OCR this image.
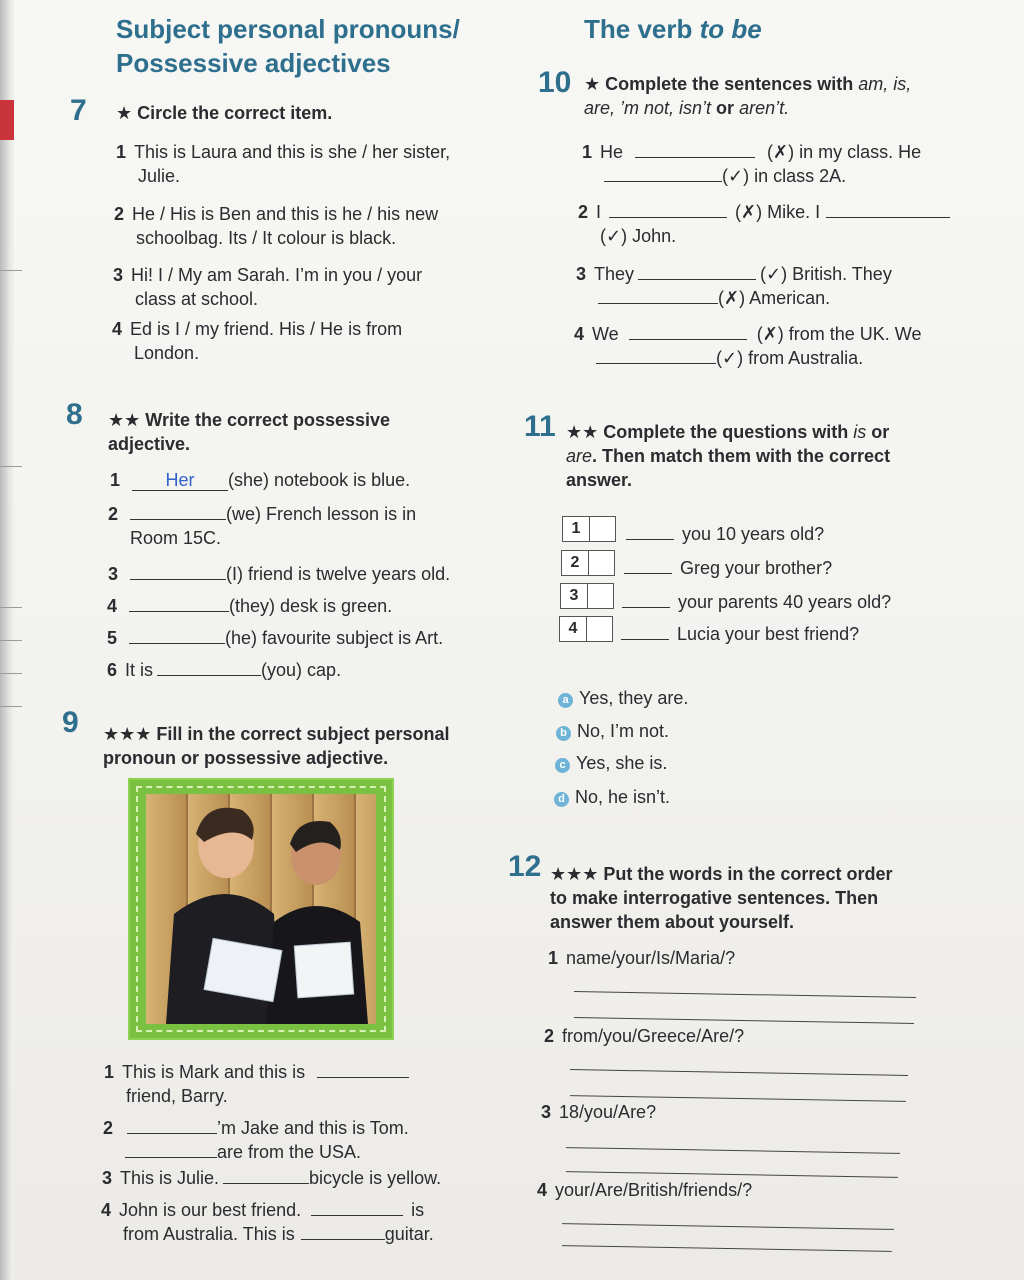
Subject personal pronouns/
Possessive adjectives
The verb to be
7 ★ Circle the correct item.
1 This is Laura and this is she / her sister,
Julie.
2 He / His is Ben and this is he / his new
schoolbag. Its / It colour is black.
3 Hi! I / My am Sarah. I’m in you / your
class at school.
4 Ed is I / my friend. His / He is from
London.
8 ★★ Write the correct possessive
adjective.
1	Her (she) notebook is blue.
2	(we) French lesson is in
Room 15C.
3	(I) friend is twelve years old.
4	(they) desk is green.
5	(he) favourite subject is Art.
6 It is	(you) cap.
9 ★★★ Fill in the correct subject personal
pronoun or possessive adjective.
1 This is Mark and this is
friend, Barry.
2	’m Jake and this is Tom.
are from the USA.
3 This is Julie.	bicycle is yellow.
4 John is our best friend.	is
from Australia. This is	guitar.
10 ★ Complete the sentences with am, is,
are, ’m not, isn’t or aren’t.
1 He	(✗) in my class. He
(✓) in class 2A.
2 I	(✗) Mike. I
(✓) John.
3 They	(✓) British. They
(✗) American.
4 We	(✗) from the UK. We
(✓) from Australia.
11 ★★ Complete the questions with is or
are. Then match them with the correct
answer.
1	you 10 years old?
2	Greg your brother?
3	your parents 40 years old?
4	Lucia your best friend?
a Yes, they are.
b No, I’m not.
c Yes, she is.
d No, he isn’t.
12 ★★★ Put the words in the correct order
to make interrogative sentences. Then
answer them about yourself.
1 name/your/Is/Maria/?
2 from/you/Greece/Are/?
3 18/you/Are?
4 your/Are/British/friends/?
